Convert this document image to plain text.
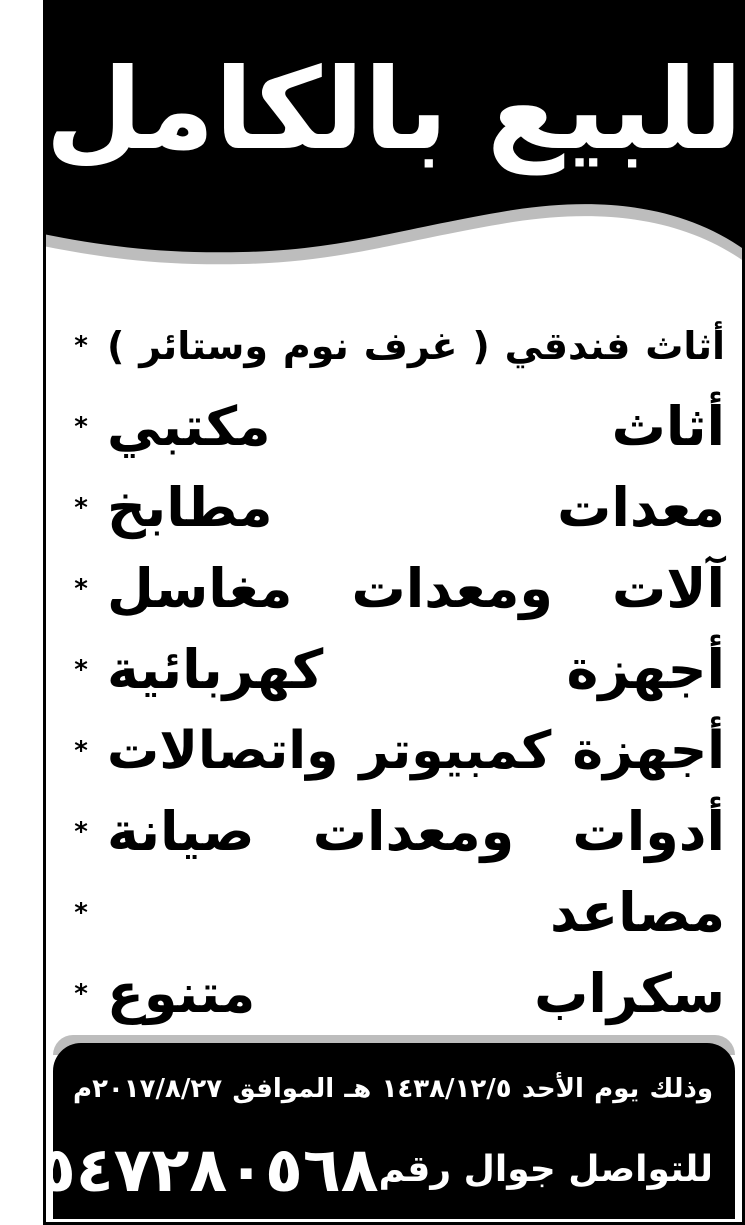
للبيع بالكامل
أثاث فندقي ( غرف نوم وستائر )
*
أثاث مكتبي
*
معدات مطابخ
*
آلات ومعدات مغاسل
*
أجهزة كهربائية
*
أجهزة كمبيوتر واتصالات
*
أدوات ومعدات صيانة
*
مصاعد
*
سكراب متنوع
*
وذلك يوم الأحد ١٤٣٨/١٢/٥ هـ الموافق ٢٠١٧/٨/٢٧م
للتواصل جوال رقم
٠٥٤٧٢٨٠٥٦٨
